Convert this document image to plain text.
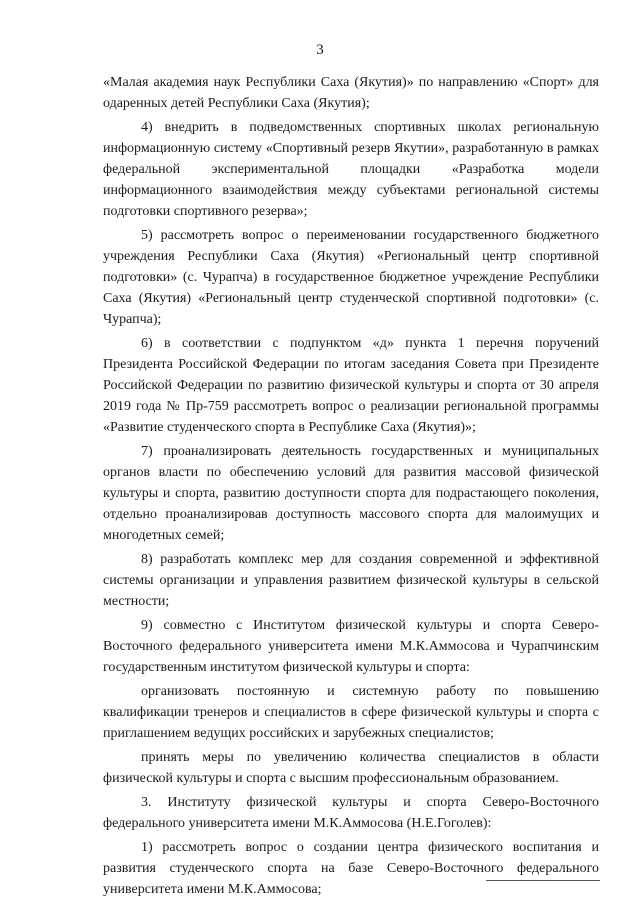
3

«Малая академия наук Республики Саха (Якутия)» по направлению «Спорт» для одаренных детей Республики Саха (Якутия);

4) внедрить в подведомственных спортивных школах региональную информационную систему «Спортивный резерв Якутии», разработанную в рамках федеральной экспериментальной площадки «Разработка модели информационного взаимодействия между субъектами региональной системы подготовки спортивного резерва»;

5) рассмотреть вопрос о переименовании государственного бюджетного учреждения Республики Саха (Якутия) «Региональный центр спортивной подготовки» (с. Чурапча) в государственное бюджетное учреждение Республики Саха (Якутия) «Региональный центр студенческой спортивной подготовки» (с. Чурапча);

6) в соответствии с подпунктом «д» пункта 1 перечня поручений Президента Российской Федерации по итогам заседания Совета при Президенте Российской Федерации по развитию физической культуры и спорта от 30 апреля 2019 года № Пр-759 рассмотреть вопрос о реализации региональной программы «Развитие студенческого спорта в Республике Саха (Якутия)»;

7) проанализировать деятельность государственных и муниципальных органов власти по обеспечению условий для развития массовой физической культуры и спорта, развитию доступности спорта для подрастающего поколения, отдельно проанализировав доступность массового спорта для малоимущих и многодетных семей;

8) разработать комплекс мер для создания современной и эффективной системы организации и управления развитием физической культуры в сельской местности;

9) совместно с Институтом физической культуры и спорта Северо-Восточного федерального университета имени М.К.Аммосова и Чурапчинским государственным институтом физической культуры и спорта:

организовать постоянную и системную работу по повышению квалификации тренеров и специалистов в сфере физической культуры и спорта с приглашением ведущих российских и зарубежных специалистов;

принять меры по увеличению количества специалистов в области физической культуры и спорта с высшим профессиональным образованием.

3. Институту физической культуры и спорта Северо-Восточного федерального университета имени М.К.Аммосова (Н.Е.Гоголев):

1) рассмотреть вопрос о создании центра физического воспитания и развития студенческого спорта на базе Северо-Восточного федерального университета имени М.К.Аммосова;
